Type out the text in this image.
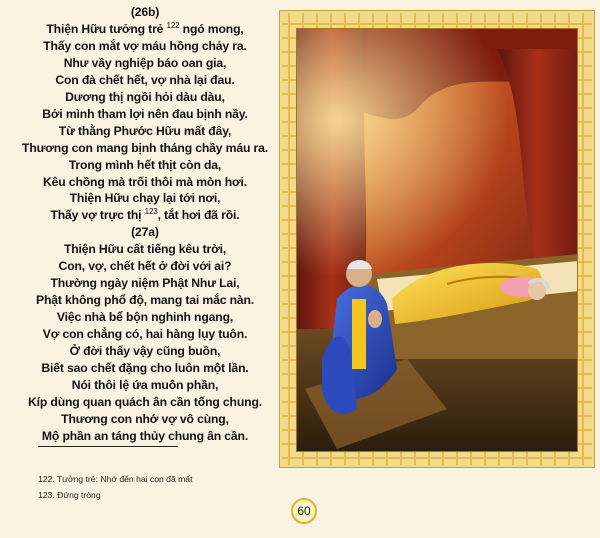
(26b)
Thiện Hữu tưởng trẻ $^{122}$ ngó mong,
Thấy con mắt vợ máu hồng chảy ra.
Như vầy nghiệp báo oan gia,
Con đà chết hết, vợ nhà lại đau.
Dương thị ngồi hỏi dàu dàu,
Bởi mình tham lợi nên đau bịnh nầy.
Từ thằng Phước Hữu mất đây,
Thương con mang bịnh tháng chầy máu ra.
Trong mình hết thịt còn da,
Kêu chồng mà trối thôi mà mòn hơi.
Thiện Hữu chạy lại tới nơi,
Thấy vợ trực thị $^{123}$, tắt hơi đã rồi.
(27a)
Thiện Hữu cất tiếng kêu trời,
Con, vợ, chết hết ở đời với ai?
Thường ngày niệm Phật Như Lai,
Phật không phổ độ, mang tai mắc nàn.
Việc nhà bể bộn nghinh ngang,
Vợ con chẳng có, hai hàng lụy tuôn.
Ở đời thấy vậy cũng buồn,
Biết sao chết đặng cho luôn một lần.
Nói thôi lệ ứa muôn phần,
Kíp dùng quan quách ân cần tống chung.
Thương con nhớ vợ vô cùng,
Mộ phần an táng thủy chung ân cần.
122. Tưởng trẻ: Nhớ đến hai con đã mất
123. Đứng tròng
60
